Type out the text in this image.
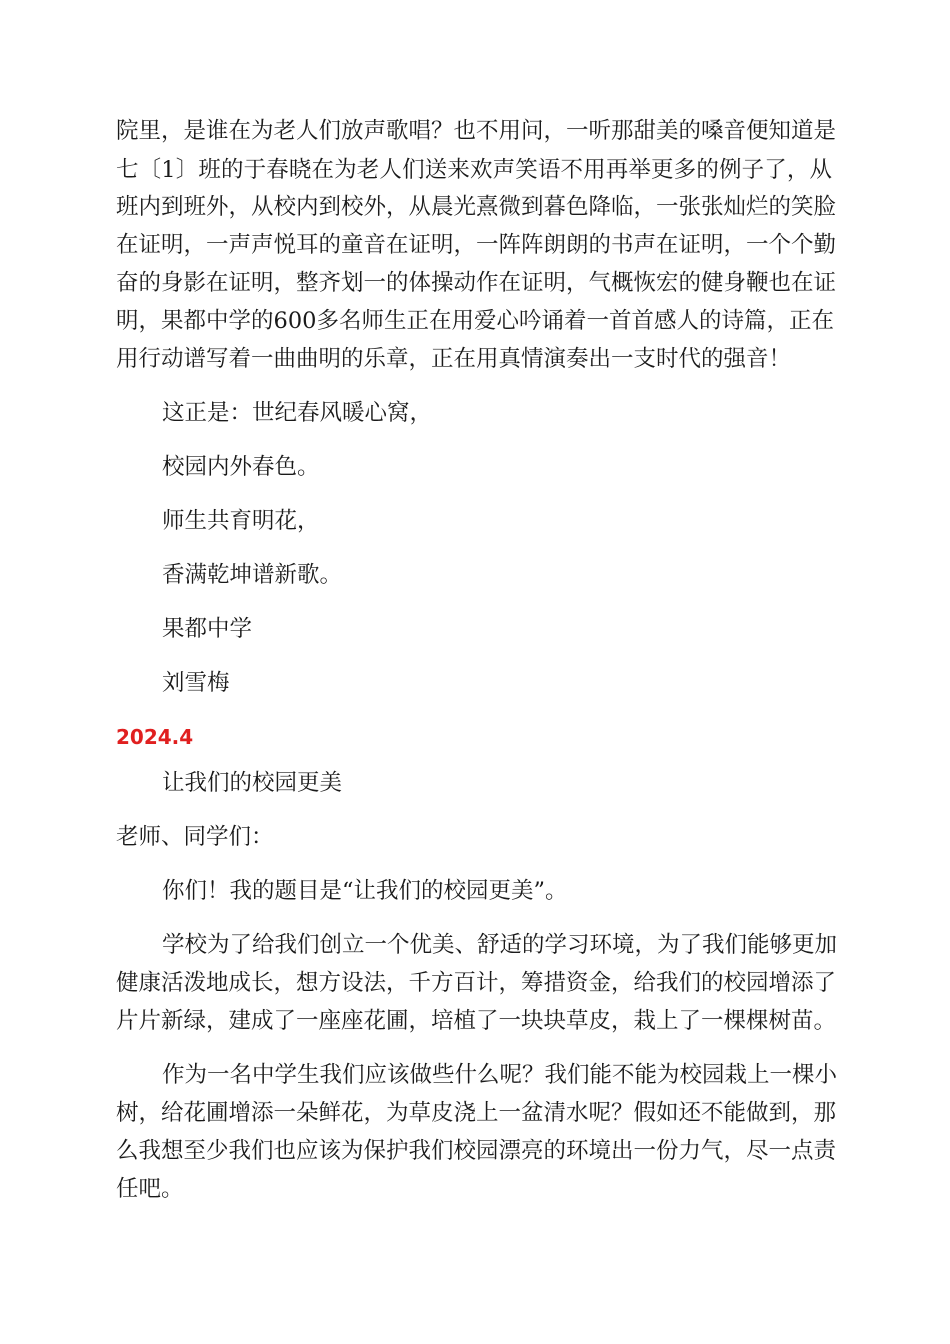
院里，是谁在为老人们放声歌唱？也不用问，一听那甜美的嗓音便知道是
七〔1〕班的于春晓在为老人们送来欢声笑语不用再举更多的例子了，从
班内到班外，从校内到校外，从晨光熹微到暮色降临，一张张灿烂的笑脸
在证明，一声声悦耳的童音在证明，一阵阵朗朗的书声在证明，一个个勤
奋的身影在证明，整齐划一的体操动作在证明，气概恢宏的健身鞭也在证
明，果都中学的600多名师生正在用爱心吟诵着一首首感人的诗篇，正在
用行动谱写着一曲曲明的乐章，正在用真情演奏出一支时代的强音！
这正是：世纪春风暖心窝，
校园内外春色。
师生共育明花，
香满乾坤谱新歌。
果都中学
刘雪梅
2024.4
让我们的校园更美
老师、同学们：
你们！我的题目是“让我们的校园更美”。
学校为了给我们创立一个优美、舒适的学习环境，为了我们能够更加
健康活泼地成长，想方设法，千方百计，筹措资金，给我们的校园增添了
片片新绿，建成了一座座花圃，培植了一块块草皮，栽上了一棵棵树苗。
作为一名中学生我们应该做些什么呢？我们能不能为校园栽上一棵小
树，给花圃增添一朵鲜花，为草皮浇上一盆清水呢？假如还不能做到，那
么我想至少我们也应该为保护我们校园漂亮的环境出一份力气，尽一点责
任吧。
